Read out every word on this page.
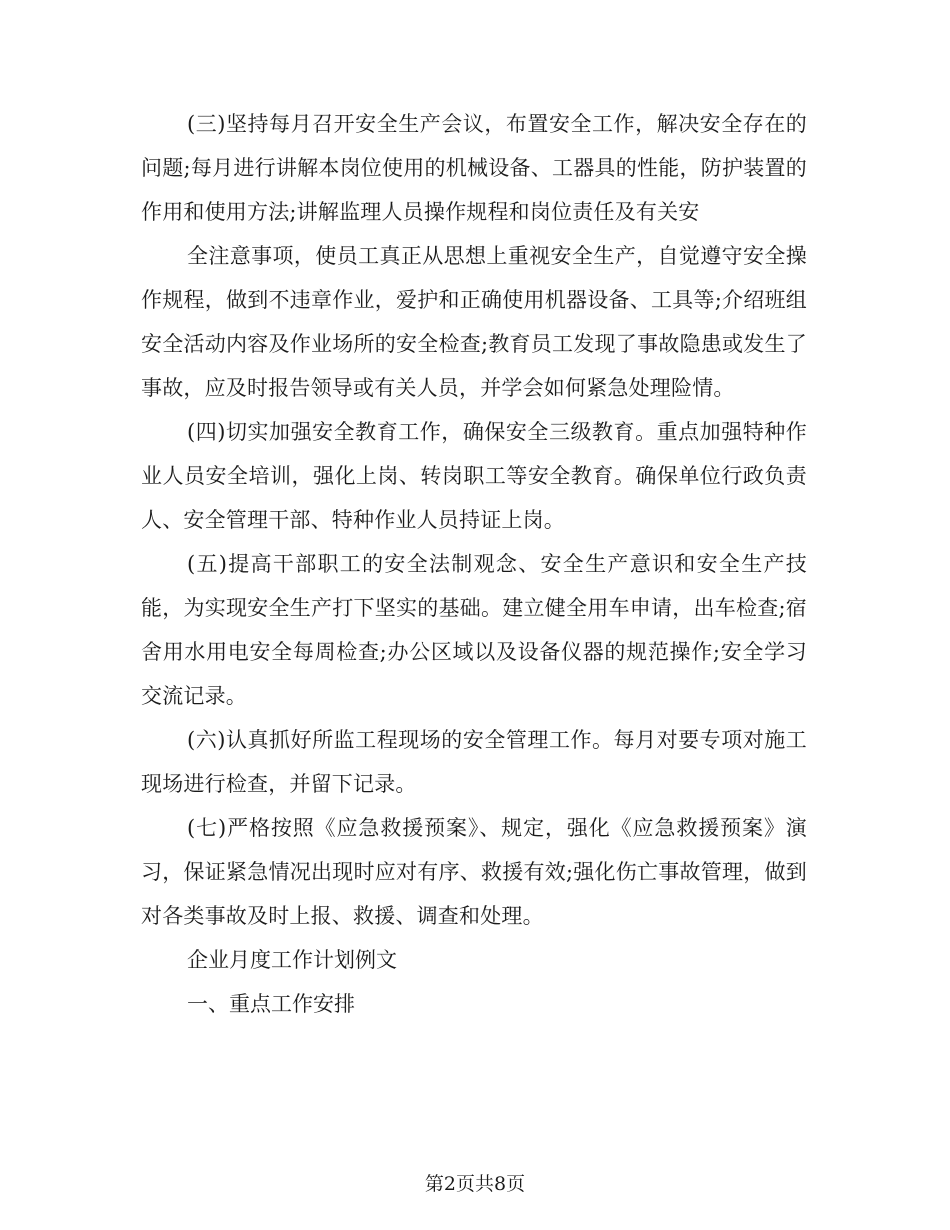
(三)坚持每月召开安全生产会议，布置安全工作，解决安全存在的问题;每月进行讲解本岗位使用的机械设备、工器具的性能，防护装置的作用和使用方法;讲解监理人员操作规程和岗位责任及有关安

全注意事项，使员工真正从思想上重视安全生产，自觉遵守安全操作规程，做到不违章作业，爱护和正确使用机器设备、工具等;介绍班组安全活动内容及作业场所的安全检查;教育员工发现了事故隐患或发生了事故，应及时报告领导或有关人员，并学会如何紧急处理险情。

(四)切实加强安全教育工作，确保安全三级教育。重点加强特种作业人员安全培训，强化上岗、转岗职工等安全教育。确保单位行政负责人、安全管理干部、特种作业人员持证上岗。

(五)提高干部职工的安全法制观念、安全生产意识和安全生产技能，为实现安全生产打下坚实的基础。建立健全用车申请，出车检查;宿舍用水用电安全每周检查;办公区域以及设备仪器的规范操作;安全学习交流记录。

(六)认真抓好所监工程现场的安全管理工作。每月对要专项对施工现场进行检查，并留下记录。

(七)严格按照《应急救援预案》、规定，强化《应急救援预案》演习，保证紧急情况出现时应对有序、救援有效;强化伤亡事故管理，做到对各类事故及时上报、救援、调查和处理。

企业月度工作计划例文

一、重点工作安排

第2页共8页
